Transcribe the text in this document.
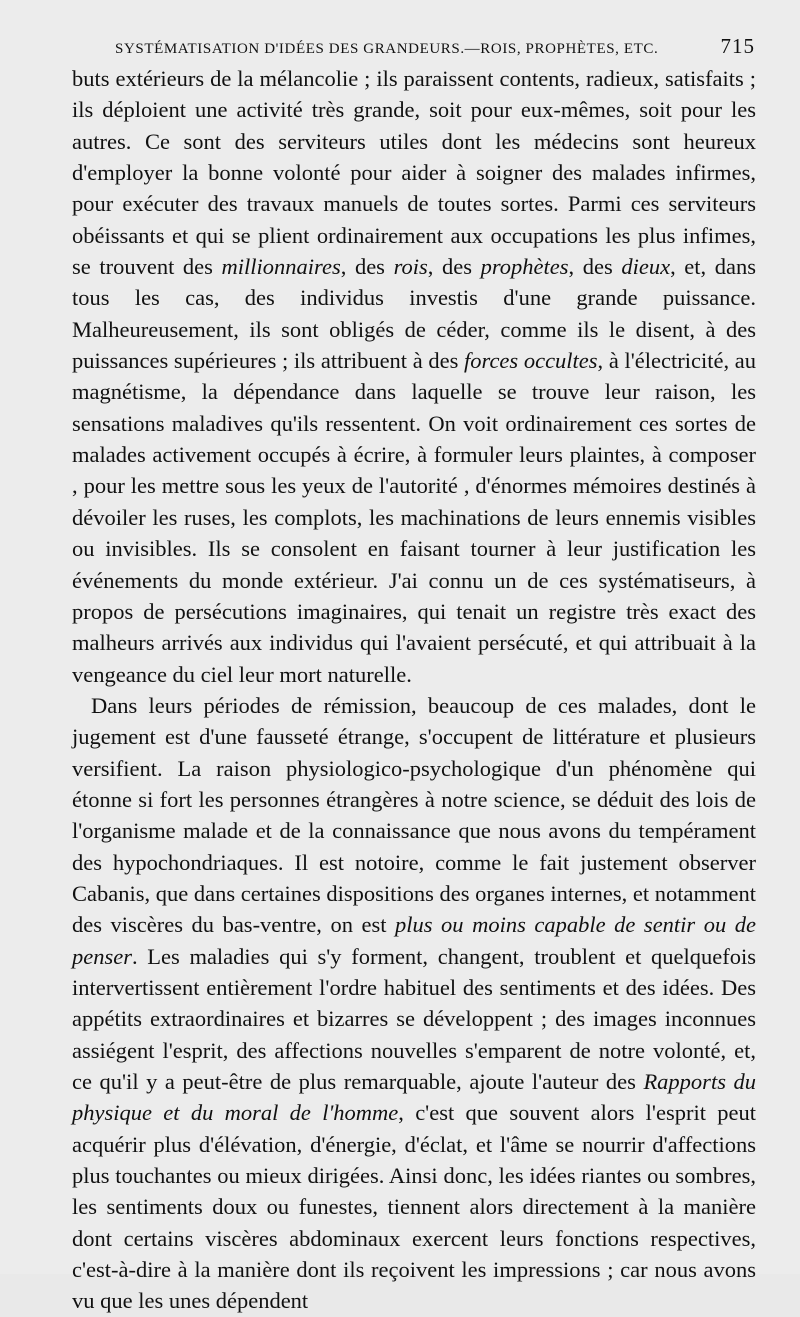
SYSTÉMATISATION D'IDÉES DES GRANDEURS.—ROIS, PROPHÈTES, ETC.	715

buts extérieurs de la mélancolie ; ils paraissent contents, radieux, satisfaits ; ils déploient une activité très grande, soit pour eux-mêmes, soit pour les autres. Ce sont des serviteurs utiles dont les médecins sont heureux d'employer la bonne volonté pour aider à soigner des malades infirmes, pour exécuter des travaux manuels de toutes sortes. Parmi ces serviteurs obéissants et qui se plient ordinairement aux occupations les plus infimes, se trouvent des millionnaires, des rois, des prophètes, des dieux, et, dans tous les cas, des individus investis d'une grande puissance. Malheureusement, ils sont obligés de céder, comme ils le disent, à des puissances supérieures ; ils attribuent à des forces occultes, à l'électricité, au magnétisme, la dépendance dans laquelle se trouve leur raison, les sensations maladives qu'ils ressentent. On voit ordinairement ces sortes de malades activement occupés à écrire, à formuler leurs plaintes, à composer , pour les mettre sous les yeux de l'autorité , d'énormes mémoires destinés à dévoiler les ruses, les complots, les machinations de leurs ennemis visibles ou invisibles. Ils se consolent en faisant tourner à leur justification les événements du monde extérieur. J'ai connu un de ces systématiseurs, à propos de persécutions imaginaires, qui tenait un registre très exact des malheurs arrivés aux individus qui l'avaient persécuté, et qui attribuait à la vengeance du ciel leur mort naturelle.

Dans leurs périodes de rémission, beaucoup de ces malades, dont le jugement est d'une fausseté étrange, s'occupent de littérature et plusieurs versifient. La raison physiologico-psychologique d'un phénomène qui étonne si fort les personnes étrangères à notre science, se déduit des lois de l'organisme malade et de la connaissance que nous avons du tempérament des hypochondriaques. Il est notoire, comme le fait justement observer Cabanis, que dans certaines dispositions des organes internes, et notamment des viscères du bas-ventre, on est plus ou moins capable de sentir ou de penser. Les maladies qui s'y forment, changent, troublent et quelquefois intervertissent entièrement l'ordre habituel des sentiments et des idées. Des appétits extraordinaires et bizarres se développent ; des images inconnues assiégent l'esprit, des affections nouvelles s'emparent de notre volonté, et, ce qu'il y a peut-être de plus remarquable, ajoute l'auteur des Rapports du physique et du moral de l'homme, c'est que souvent alors l'esprit peut acquérir plus d'élévation, d'énergie, d'éclat, et l'âme se nourrir d'affections plus touchantes ou mieux dirigées. Ainsi donc, les idées riantes ou sombres, les sentiments doux ou funestes, tiennent alors directement à la manière dont certains viscères abdominaux exercent leurs fonctions respectives, c'est-à-dire à la manière dont ils reçoivent les impressions ; car nous avons vu que les unes dépendent
